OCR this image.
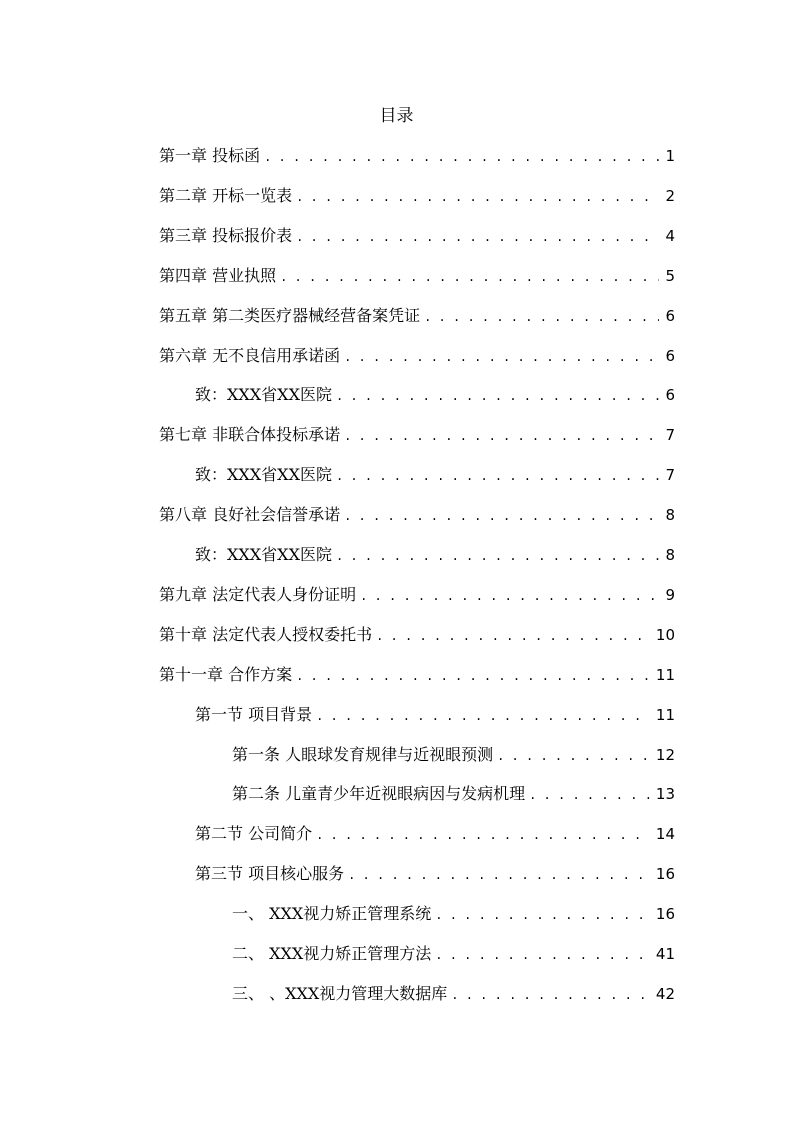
目录
第一章 投标函 . . .	1
第二章 开标一览表 . . .	2
第三章 投标报价表 . . .	4
第四章 营业执照 . . .	5
第五章 第二类医疗器械经营备案凭证 . . .	6
第六章 无不良信用承诺函 . . .	6
致：XXX省XX医院 . . .	6
第七章 非联合体投标承诺 . . .	7
致：XXX省XX医院 . . .	7
第八章 良好社会信誉承诺 . . .	8
致：XXX省XX医院 . . .	8
第九章 法定代表人身份证明 . . .	9
第十章 法定代表人授权委托书 . . .	10
第十一章 合作方案 . . .	11
第一节 项目背景 . . .	11
第一条 人眼球发育规律与近视眼预测 . . .	12
第二条 儿童青少年近视眼病因与发病机理 . . .	13
第二节 公司简介 . . .	14
第三节 项目核心服务 . . .	16
一、 XXX视力矫正管理系统 . . .	16
二、 XXX视力矫正管理方法 . . .	41
三、 、XXX视力管理大数据库 . . .	42
